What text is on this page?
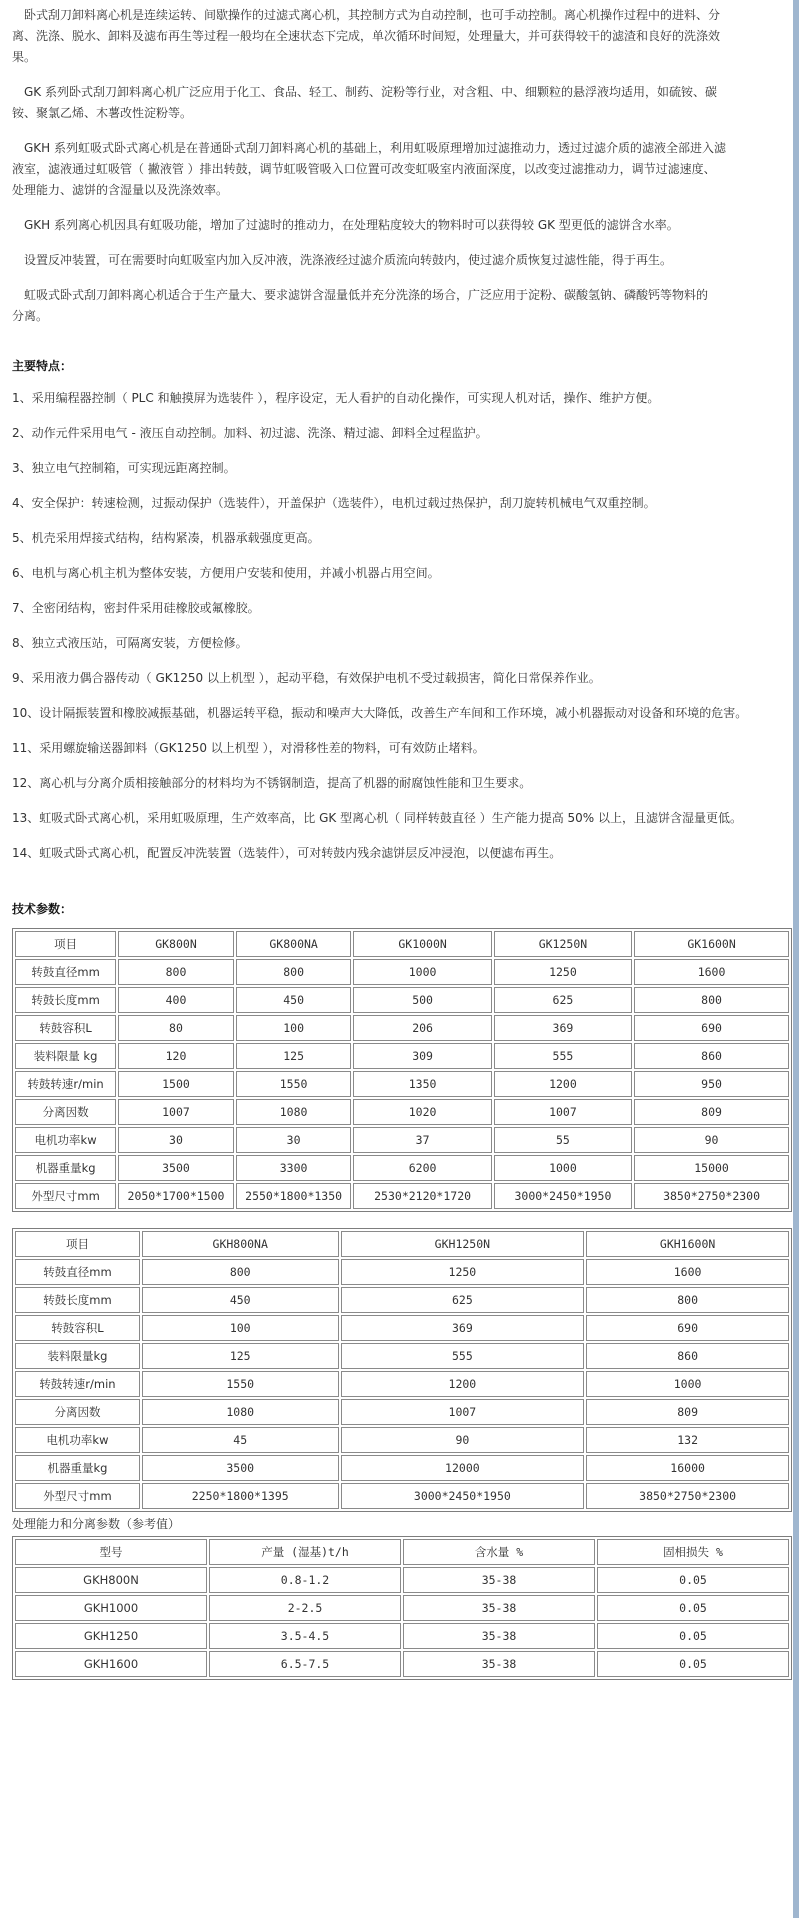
　卧式刮刀卸料离心机是连续运转、间歇操作的过滤式离心机，其控制方式为自动控制，也可手动控制。离心机操作过程中的进料、分
离、洗涤、脱水、卸料及滤布再生等过程一般均在全速状态下完成，单次循环时间短，处理量大，并可获得较干的滤渣和良好的洗涤效
果。

　GK 系列卧式刮刀卸料离心机广泛应用于化工、食品、轻工、制药、淀粉等行业，对含粗、中、细颗粒的悬浮液均适用，如硫铵、碳
铵、聚氯乙烯、木薯改性淀粉等。

　GKH 系列虹吸式卧式离心机是在普通卧式刮刀卸料离心机的基础上，利用虹吸原理增加过滤推动力，透过过滤介质的滤液全部进入滤
液室，滤液通过虹吸管（ 撇液管 ）排出转鼓，调节虹吸管吸入口位置可改变虹吸室内液面深度，以改变过滤推动力，调节过滤速度、
处理能力、滤饼的含湿量以及洗涤效率。

　GKH 系列离心机因具有虹吸功能，增加了过滤时的推动力，在处理粘度较大的物料时可以获得较 GK 型更低的滤饼含水率。

　设置反冲装置，可在需要时向虹吸室内加入反冲液，洗涤液经过滤介质流向转鼓内，使过滤介质恢复过滤性能，得于再生。

　虹吸式卧式刮刀卸料离心机适合于生产量大、要求滤饼含湿量低并充分洗涤的场合，广泛应用于淀粉、碳酸氢钠、磷酸钙等物料的
分离。

主要特点：

1、采用编程器控制（ PLC 和触摸屏为选装件 ），程序设定，无人看护的自动化操作，可实现人机对话，操作、维护方便。

2、动作元件采用电气 - 液压自动控制。加料、初过滤、洗涤、精过滤、卸料全过程监护。

3、独立电气控制箱，可实现远距离控制。

4、安全保护：转速检测，过振动保护（选装件），开盖保护（选装件），电机过载过热保护，刮刀旋转机械电气双重控制。

5、机壳采用焊接式结构，结构紧凑，机器承载强度更高。

6、电机与离心机主机为整体安装，方便用户安装和使用，并减小机器占用空间。

7、全密闭结构，密封件采用硅橡胶或氟橡胶。

8、独立式液压站，可隔离安装，方便检修。

9、采用液力偶合器传动（ GK1250 以上机型 ），起动平稳，有效保护电机不受过载损害，简化日常保养作业。

10、设计隔振装置和橡胶减振基础，机器运转平稳，振动和噪声大大降低，改善生产车间和工作环境，减小机器振动对设备和环境的危害。

11、采用螺旋输送器卸料（GK1250 以上机型 ），对滑移性差的物料，可有效防止堵料。

12、离心机与分离介质相接触部分的材料均为不锈钢制造，提高了机器的耐腐蚀性能和卫生要求。

13、虹吸式卧式离心机，采用虹吸原理，生产效率高，比 GK 型离心机（ 同样转鼓直径 ）生产能力提高 50% 以上，且滤饼含湿量更低。

14、虹吸式卧式离心机，配置反冲洗装置（选装件），可对转鼓内残余滤饼层反冲浸泡，以便滤布再生。

技术参数：

项目	GK800N	GK800NA	GK1000N	GK1250N	GK1600N
转鼓直径mm	800	800	1000	1250	1600
转鼓长度mm	400	450	500	625	800
转鼓容积L	80	100	206	369	690
装料限量 kg	120	125	309	555	860
转鼓转速r/min	1500	1550	1350	1200	950
分离因数	1007	1080	1020	1007	809
电机功率kw	30	30	37	55	90
机器重量kg	3500	3300	6200	1000	15000
外型尺寸mm	2050*1700*1500	2550*1800*1350	2530*2120*1720	3000*2450*1950	3850*2750*2300
项目	GKH800NA	GKH1250N	GKH1600N
转鼓直径mm	800	1250	1600
转鼓长度mm	450	625	800
转鼓容积L	100	369	690
装料限量kg	125	555	860
转鼓转速r/min	1550	1200	1000
分离因数	1080	1007	809
电机功率kw	45	90	132
机器重量kg	3500	12000	16000
外型尺寸mm	2250*1800*1395	3000*2450*1950	3850*2750*2300

处理能力和分离参数（参考值）

型号	产量 (湿基)t/h	含水量 %	固相损失 %
GKH800N	0.8-1.2	35-38	0.05
GKH1000	2-2.5	35-38	0.05
GKH1250	3.5-4.5	35-38	0.05
GKH1600	6.5-7.5	35-38	0.05
